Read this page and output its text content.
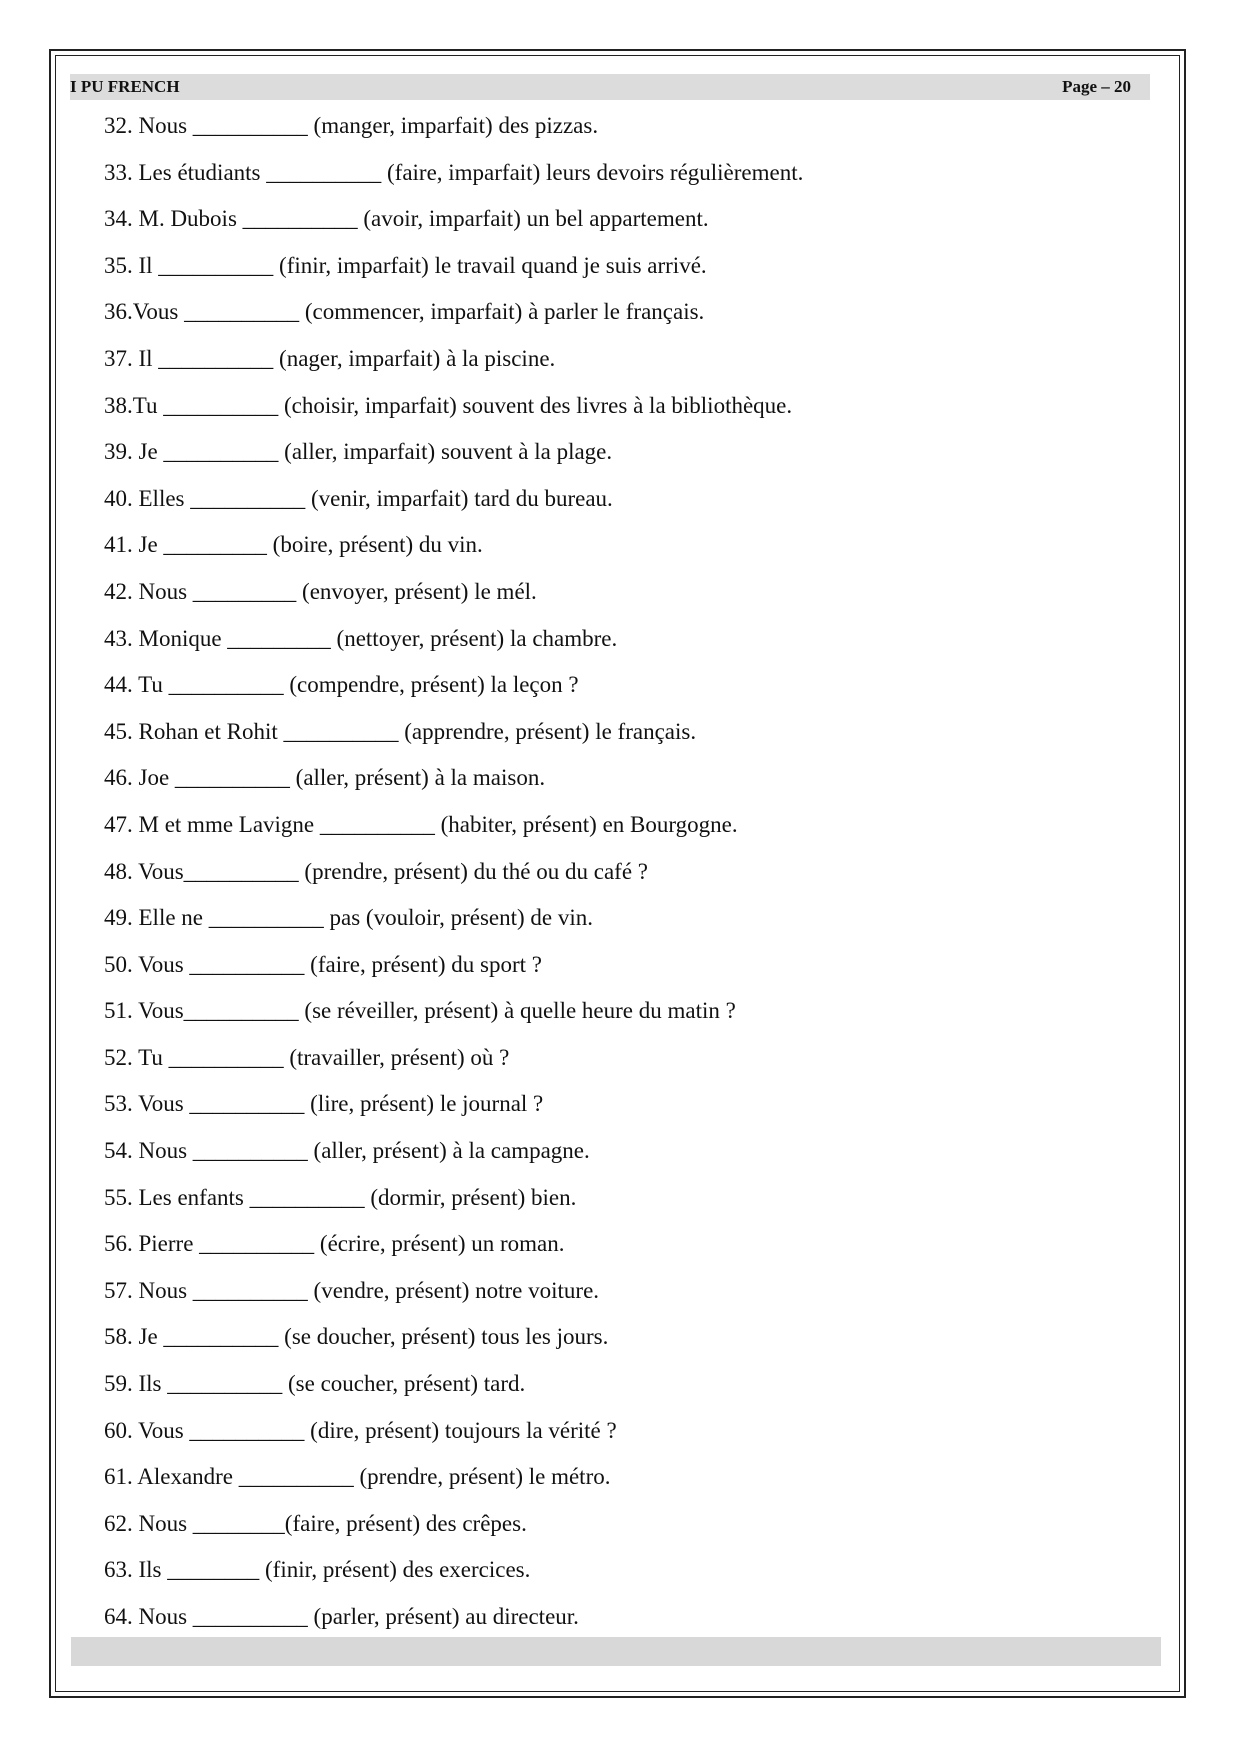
I PU FRENCH	Page – 20
32. Nous __________ (manger, imparfait) des pizzas.
33. Les étudiants __________ (faire, imparfait) leurs devoirs régulièrement.
34. M. Dubois __________ (avoir, imparfait) un bel appartement.
35. Il __________ (finir, imparfait) le travail quand je suis arrivé.
36.Vous __________ (commencer, imparfait) à parler le français.
37. Il __________ (nager, imparfait) à la piscine.
38.Tu __________ (choisir, imparfait) souvent des livres à la bibliothèque.
39. Je __________ (aller, imparfait) souvent à la plage.
40. Elles __________ (venir, imparfait) tard du bureau.
41. Je _________ (boire, présent) du vin.
42. Nous _________ (envoyer, présent) le mél.
43. Monique _________ (nettoyer, présent) la chambre.
44. Tu __________ (compendre, présent) la leçon ?
45. Rohan et Rohit __________ (apprendre, présent) le français.
46. Joe __________ (aller, présent) à la maison.
47. M et mme Lavigne __________ (habiter, présent) en Bourgogne.
48. Vous__________ (prendre, présent) du thé ou du café ?
49. Elle ne __________ pas (vouloir, présent) de vin.
50. Vous __________ (faire, présent) du sport ?
51. Vous__________ (se réveiller, présent) à quelle heure du matin ?
52. Tu __________ (travailler, présent) où ?
53. Vous __________ (lire, présent) le journal ?
54. Nous __________ (aller, présent) à la campagne.
55. Les enfants __________ (dormir, présent) bien.
56. Pierre __________ (écrire, présent) un roman.
57. Nous __________ (vendre, présent) notre voiture.
58. Je __________ (se doucher, présent) tous les jours.
59. Ils __________ (se coucher, présent) tard.
60. Vous __________ (dire, présent) toujours la vérité ?
61. Alexandre __________ (prendre, présent) le métro.
62. Nous ________(faire, présent) des crêpes.
63. Ils ________ (finir, présent) des exercices.
64. Nous __________ (parler, présent) au directeur.
